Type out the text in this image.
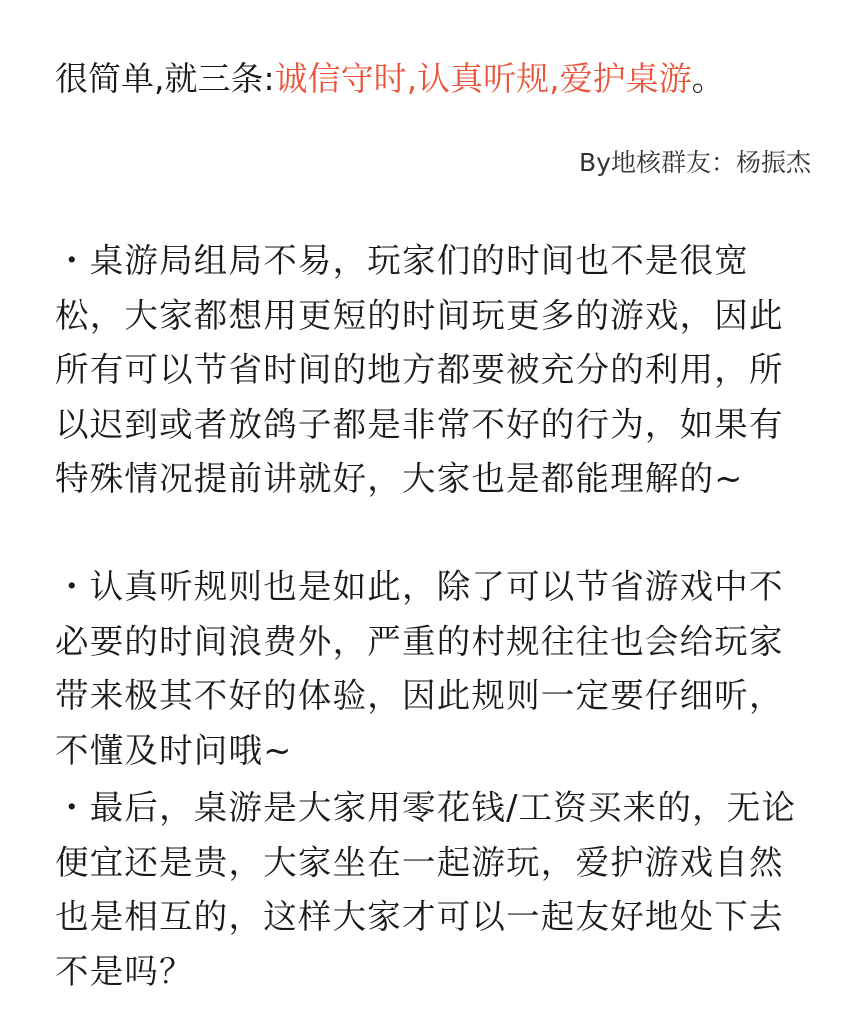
很简单,就三条:诚信守时,认真听规,爱护桌游。
By地核群友：杨振杰

・桌游局组局不易，玩家们的时间也不是很宽松，大家都想用更短的时间玩更多的游戏，因此所有可以节省时间的地方都要被充分的利用，所以迟到或者放鸽子都是非常不好的行为，如果有特殊情况提前讲就好，大家也是都能理解的~

・认真听规则也是如此，除了可以节省游戏中不必要的时间浪费外，严重的村规往往也会给玩家带来极其不好的体验，因此规则一定要仔细听，不懂及时问哦~

・最后，桌游是大家用零花钱/工资买来的，无论便宜还是贵，大家坐在一起游玩，爱护游戏自然也是相互的，这样大家才可以一起友好地处下去不是吗？
